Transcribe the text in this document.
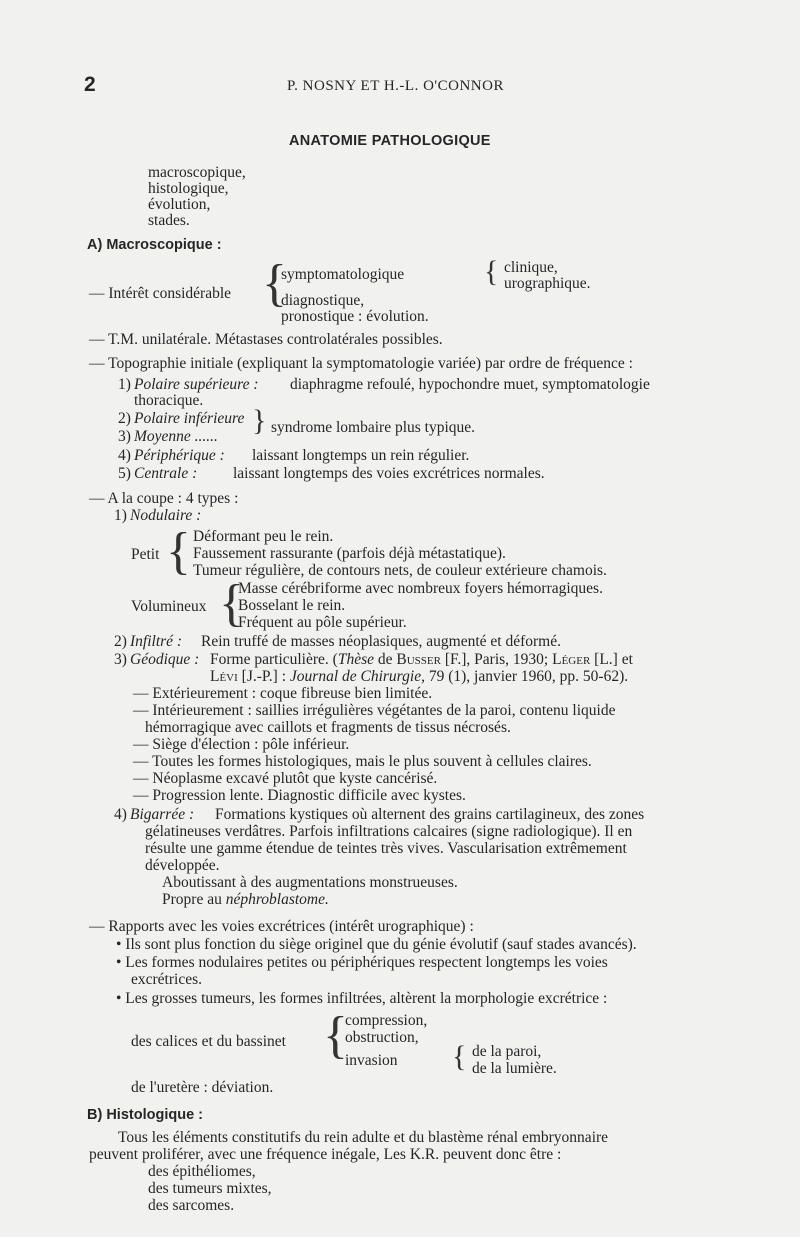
2	P. NOSNY ET H.-L. O'CONNOR
ANATOMIE PATHOLOGIQUE
macroscopique,
histologique,
évolution,
stades.
A) Macroscopique :
— Intérêt considérable {
symptomatologique
diagnostique,
pronostique : évolution.
{ clinique,
urographique.
— T.M. unilatérale. Métastases controlatérales possibles.
— Topographie initiale (expliquant la symptomatologie variée) par ordre de fréquence :
1) Polaire supérieure : diaphragme refoulé, hypochondre muet, symptomatologie
thoracique.
2) Polaire inférieure
3) Moyenne ...... } syndrome lombaire plus typique.
4) Périphérique : laissant longtemps un rein régulier.
5) Centrale : laissant longtemps des voies excrétrices normales.
— A la coupe : 4 types :
1) Nodulaire :
Petit { Déformant peu le rein.
Faussement rassurante (parfois déjà métastatique).
Tumeur régulière, de contours nets, de couleur extérieure chamois.
Volumineux {
Masse cérébriforme avec nombreux foyers hémorragiques.
Bosselant le rein.
Fréquent au pôle supérieur.
2) Infiltré : Rein truffé de masses néoplasiques, augmenté et déformé.
3) Géodique : Forme particulière. (Thèse de Busser [F.], Paris, 1930; Léger [L.] et
Lévi [J.-P.] : Journal de Chirurgie, 79 (1), janvier 1960, pp. 50-62).
— Extérieurement : coque fibreuse bien limitée.
— Intérieurement : saillies irrégulières végétantes de la paroi, contenu liquide
hémorragique avec caillots et fragments de tissus nécrosés.
— Siège d'élection : pôle inférieur.
— Toutes les formes histologiques, mais le plus souvent à cellules claires.
— Néoplasme excavé plutôt que kyste cancérisé.
— Progression lente. Diagnostic difficile avec kystes.
4) Bigarrée : Formations kystiques où alternent des grains cartilagineux, des zones
gélatineuses verdâtres. Parfois infiltrations calcaires (signe radiologique). Il en
résulte une gamme étendue de teintes très vives. Vascularisation extrêmement
développée.
Aboutissant à des augmentations monstrueuses.
Propre au néphroblastome.
— Rapports avec les voies excrétrices (intérêt urographique) :
• Ils sont plus fonction du siège originel que du génie évolutif (sauf stades avancés).
• Les formes nodulaires petites ou périphériques respectent longtemps les voies
excrétrices.
• Les grosses tumeurs, les formes infiltrées, altèrent la morphologie excrétrice :
des calices et du bassinet {
compression,
obstruction,
invasion { de la paroi,
de la lumière.
de l'uretère : déviation.
B) Histologique :
Tous les éléments constitutifs du rein adulte et du blastème rénal embryonnaire
peuvent proliférer, avec une fréquence inégale, Les K.R. peuvent donc être :
des épithéliomes,
des tumeurs mixtes,
des sarcomes.
